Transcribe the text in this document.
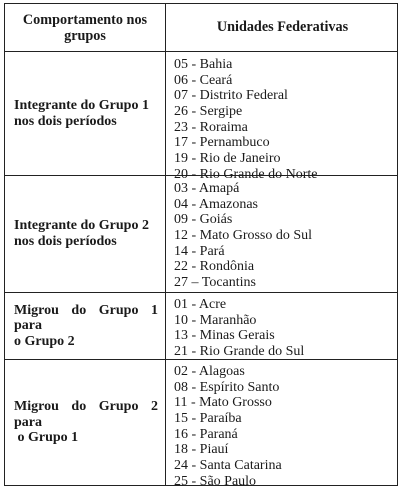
Comportamento nos
grupos
Unidades Federativas
Integrante do Grupo 1
nos dois períodos
05 - Bahia
06 - Ceará
07 - Distrito Federal
26 - Sergipe
23 - Roraima
17 - Pernambuco
19 - Rio de Janeiro
20 - Rio Grande do Norte
Integrante do Grupo 2
nos dois períodos
03 - Amapá
04 - Amazonas
09 - Goiás
12 - Mato Grosso do Sul
14 - Pará
22 - Rondônia
27 – Tocantins
Migrou do Grupo 1
para
o Grupo 2
01 - Acre
10 - Maranhão
13 - Minas Gerais
21 - Rio Grande do Sul
Migrou do Grupo 2
para
o Grupo 1
02 - Alagoas
08 - Espírito Santo
11 - Mato Grosso
15 - Paraíba
16 - Paraná
18 - Piauí
24 - Santa Catarina
25 - São Paulo
